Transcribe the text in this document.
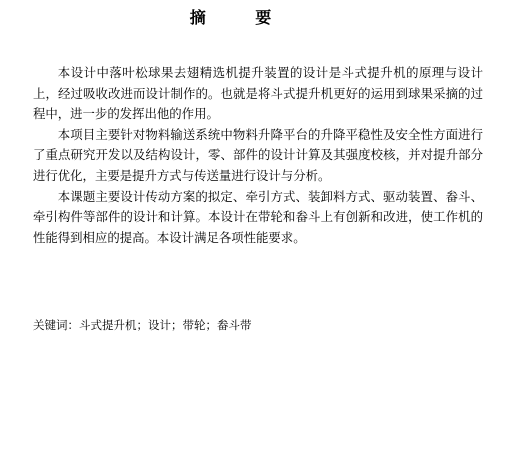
摘 要

本设计中落叶松球果去翅精选机提升装置的设计是斗式提升机的原理与设计上，经过吸收改进而设计制作的。也就是将斗式提升机更好的运用到球果采摘的过程中，进一步的发挥出他的作用。

本项目主要针对物料输送系统中物料升降平台的升降平稳性及安全性方面进行了重点研究开发以及结构设计，零、部件的设计计算及其强度校核，并对提升部分进行优化，主要是提升方式与传送量进行设计与分析。

本课题主要设计传动方案的拟定、牵引方式、装卸料方式、驱动装置、畚斗、牵引构件等部件的设计和计算。本设计在带轮和畚斗上有创新和改进，使工作机的性能得到相应的提高。本设计满足各项性能要求。

关键词：斗式提升机；设计；带轮；畚斗带
